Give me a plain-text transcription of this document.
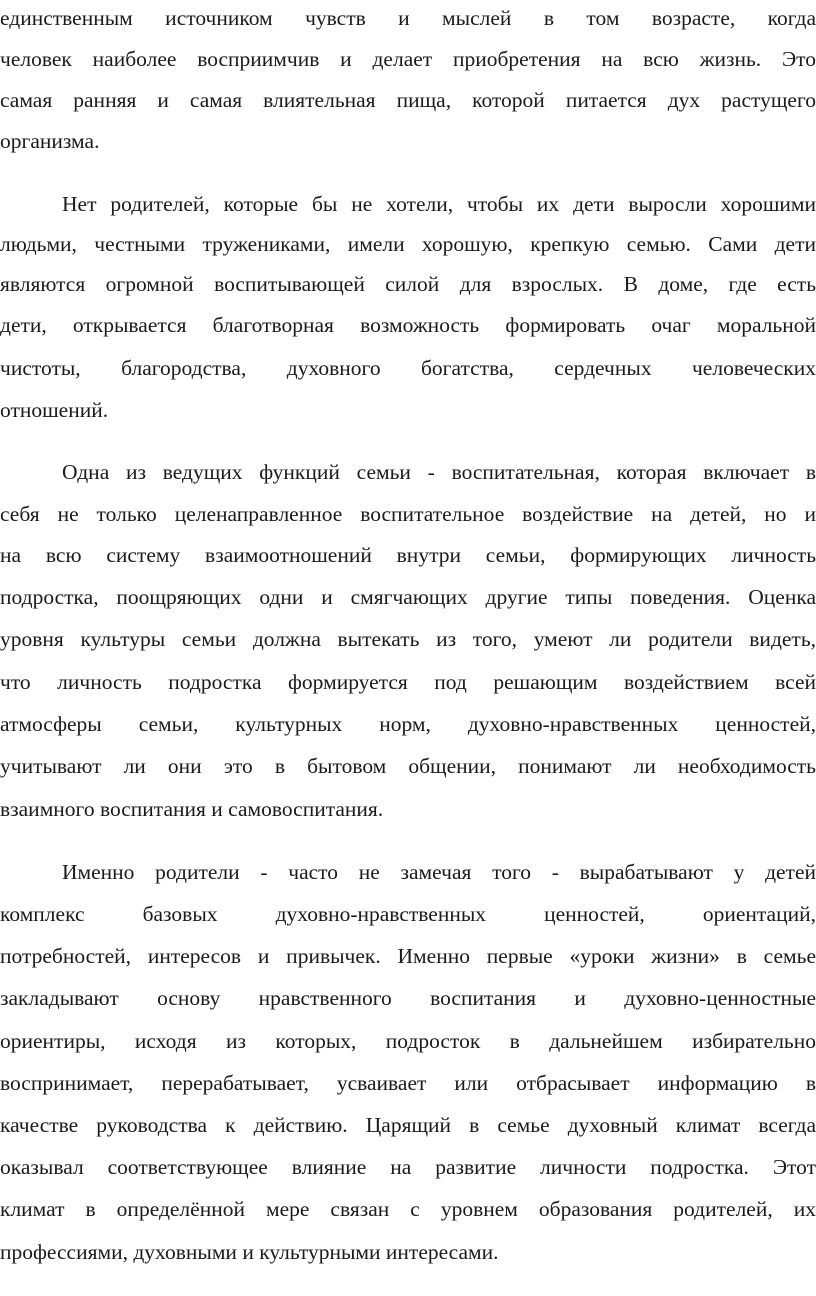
единственным источником чувств и мыслей в том возрасте, когда
человек наиболее восприимчив и делает приобретения на всю жизнь. Это
самая ранняя и самая влиятельная пища, которой питается дух растущего
организма.
Нет родителей, которые бы не хотели, чтобы их дети выросли хорошими
людьми, честными тружениками, имели хорошую, крепкую семью. Сами дети
являются огромной воспитывающей силой для взрослых. В доме, где есть
дети, открывается благотворная возможность формировать очаг моральной
чистоты, благородства, духовного богатства, сердечных человеческих
отношений.
Одна из ведущих функций семьи - воспитательная, которая включает в
себя не только целенаправленное воспитательное воздействие на детей, но и
на всю систему взаимоотношений внутри семьи, формирующих личность
подростка, поощряющих одни и смягчающих другие типы поведения. Оценка
уровня культуры семьи должна вытекать из того, умеют ли родители видеть,
что личность подростка формируется под решающим воздействием всей
атмосферы семьи, культурных норм, духовно-нравственных ценностей,
учитывают ли они это в бытовом общении, понимают ли необходимость
взаимного воспитания и самовоспитания.
Именно родители - часто не замечая того - вырабатывают у детей
комплекс базовых духовно-нравственных ценностей, ориентаций,
потребностей, интересов и привычек. Именно первые «уроки жизни» в семье
закладывают основу нравственного воспитания и духовно-ценностные
ориентиры, исходя из которых, подросток в дальнейшем избирательно
воспринимает, перерабатывает, усваивает или отбрасывает информацию в
качестве руководства к действию. Царящий в семье духовный климат всегда
оказывал соответствующее влияние на развитие личности подростка. Этот
климат в определённой мере связан с уровнем образования родителей, их
профессиями, духовными и культурными интересами.
